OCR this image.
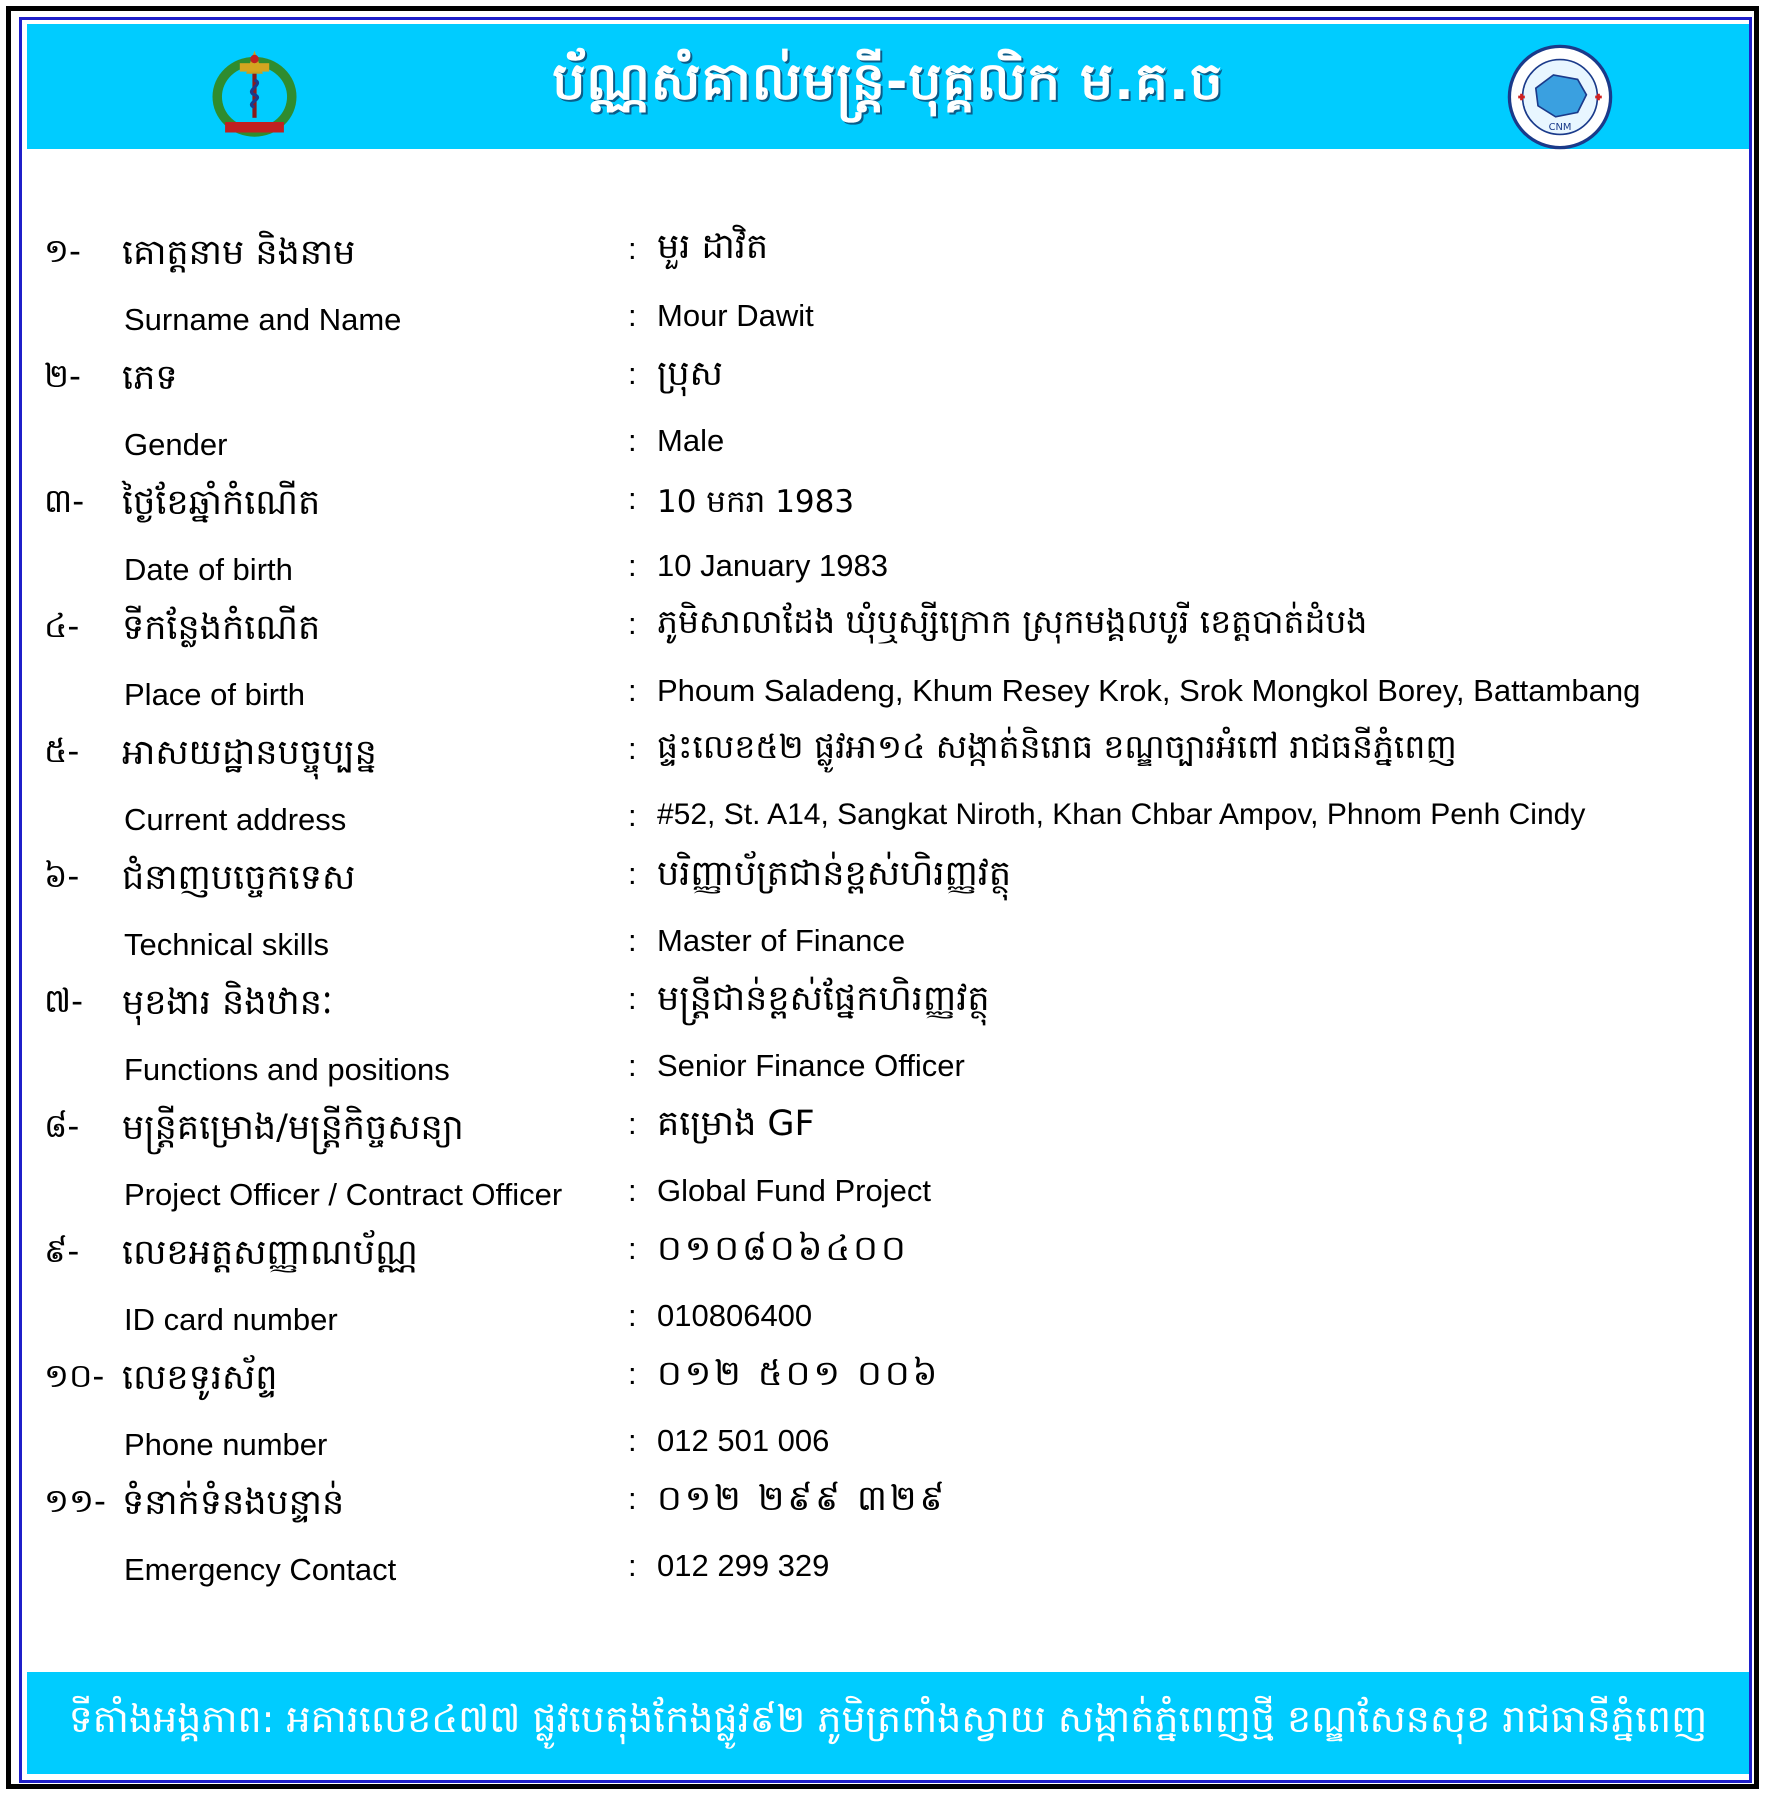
ប័ណ្ណសំគាល់មន្ត្រី-បុគ្គលិក ម.គ.ច
CNM
១- គោត្តនាម និងនាម	: មួរ ដាវិត
Surname and Name	: Mour Dawit
២- ភេទ	: ប្រុស
Gender	: Male
៣- ថ្ងៃខែឆ្នាំកំណើត	: 10 មករា 1983
Date of birth	: 10 January 1983
៤- ទីកន្លែងកំណើត	: ភូមិសាលាដែង ឃុំឬស្សីក្រោក ស្រុកមង្គលបូរី ខេត្តបាត់ដំបង
Place of birth	: Phoum Saladeng, Khum Resey Krok, Srok Mongkol Borey, Battambang
៥- អាសយដ្ឋានបច្ចុប្បន្ន	: ផ្ទះលេខ៥២ ផ្លូវអា១៤ សង្កាត់និរោធ ខណ្ឌច្បារអំពៅ រាជធនីភ្នំពេញ
Current address	: #52, St. A14, Sangkat Niroth, Khan Chbar Ampov, Phnom Penh Cindy
៦- ជំនាញបច្ចេកទេស	: បរិញ្ញាប័ត្រជាន់ខ្ពស់ហិរញ្ញវត្ថុ
Technical skills	: Master of Finance
៧- មុខងារ និងឋានៈ	: មន្ត្រីជាន់ខ្ពស់ផ្នែកហិរញ្ញវត្ថុ
Functions and positions	: Senior Finance Officer
៨- មន្ត្រីគម្រោង/មន្ត្រីកិច្ចសន្យា	: គម្រោង GF
Project Officer / Contract Officer : Global Fund Project
៩- លេខអត្តសញ្ញាណប័ណ្ណ	: ០១០៨០៦៤០០
ID card number	: 010806400
១០- លេខទូរស័ព្ទ	: ០១២ ៥០១ ០០៦
Phone number	: 012 501 006
១១- ទំនាក់ទំនងបន្ទាន់	: ០១២ ២៩៩ ៣២៩
Emergency Contact	: 012 299 329
ទីតាំងអង្គភាព: អគារលេខ៤៧៧ ផ្លូវបេតុងកែងផ្លូវ៩២ ភូមិត្រពាំងស្វាយ សង្កាត់ភ្នំពេញថ្មី ខណ្ឌសែនសុខ រាជធានីភ្នំពេញ
